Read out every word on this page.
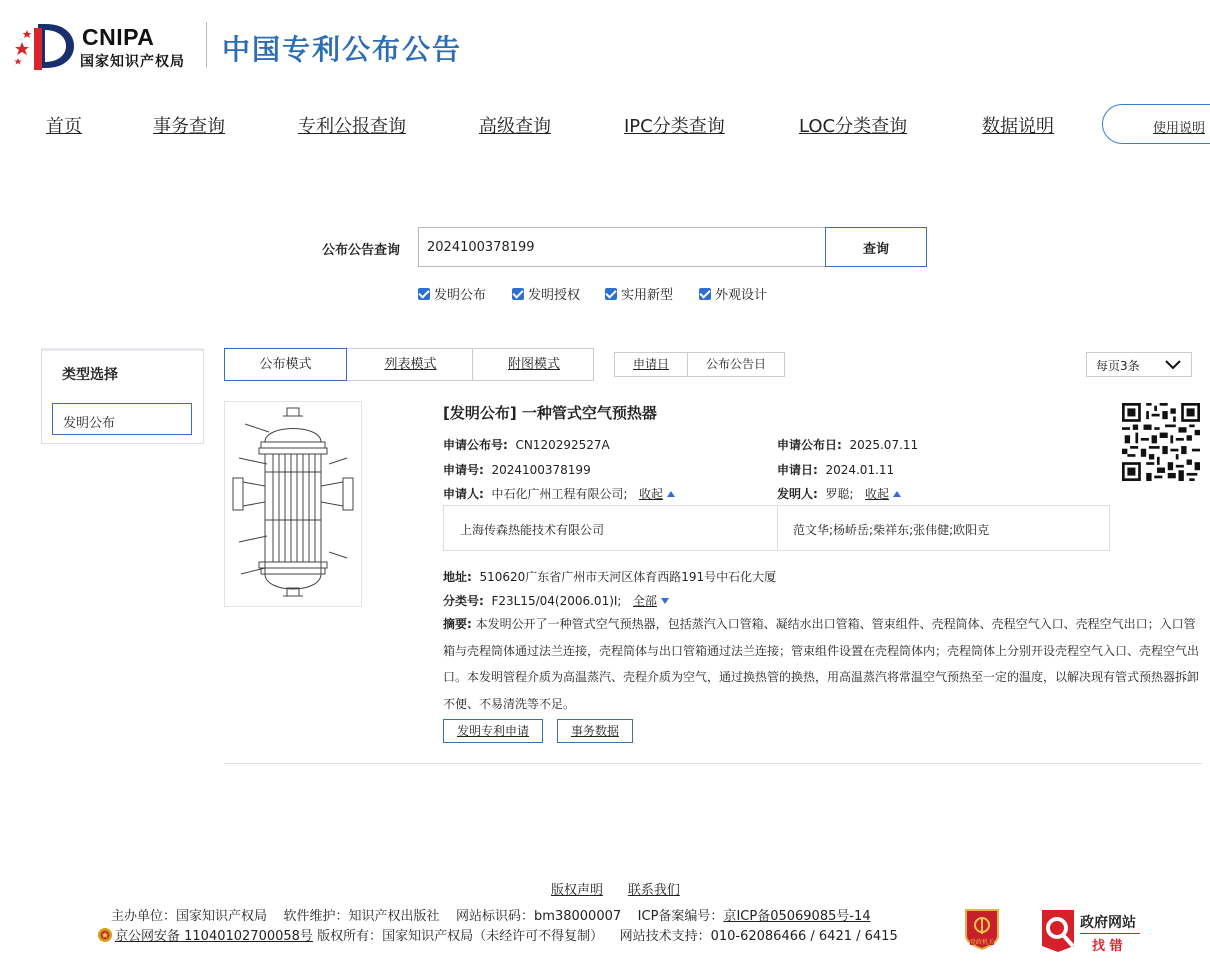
CNIPA
国家知识产权局 中国专利公布公告
首页	事务查询	专利公报查询	高级查询	IPC分类查询	LOC分类查询	数据说明	使用说明
公布公告查询
2024100378199	查询
发明公布	发明授权	实用新型	外观设计
类型选择
发明公布
公布模式	列表模式	附图模式	申请日	公布公告日	每页3条
[发明公布] 一种管式空气预热器
申请公布号: CN120292527A	申请公布日: 2025.07.11
申请号: 2024100378199	申请日: 2024.01.11
申请人: 中石化广州工程有限公司; 收起	发明人: 罗聪; 收起
上海传森热能技术有限公司	范文华;杨峤岳;柴祥东;张伟健;欧阳克
地址: 510620广东省广州市天河区体育西路191号中石化大厦
分类号: F23L15/04(2006.01)I; 全部
摘要: 本发明公开了一种管式空气预热器，包括蒸汽入口管箱、凝结水出口管箱、管束组件、壳程筒体、壳程空气入口、壳程空气出口；入口管箱与壳程筒体通过法兰连接，壳程筒体与出口管箱通过法兰连接；管束组件设置在壳程筒体内；壳程筒体上分别开设壳程空气入口、壳程空气出口。本发明管程介质为高温蒸汽、壳程介质为空气，通过换热管的换热，用高温蒸汽将常温空气预热至一定的温度，以解决现有管式预热器拆卸不便、不易清洗等不足。
发明专利申请	事务数据
版权声明 联系我们
主办单位：国家知识产权局    软件维护：知识产权出版社    网站标识码：bm38000007    ICP备案编号：京ICP备05069085号-14
京公网安备 11040102700058号 版权所有：国家知识产权局（未经许可不得复制）    网站技术支持：010-62086466 / 6421 / 6415	党政机关
政府网站
找 错
